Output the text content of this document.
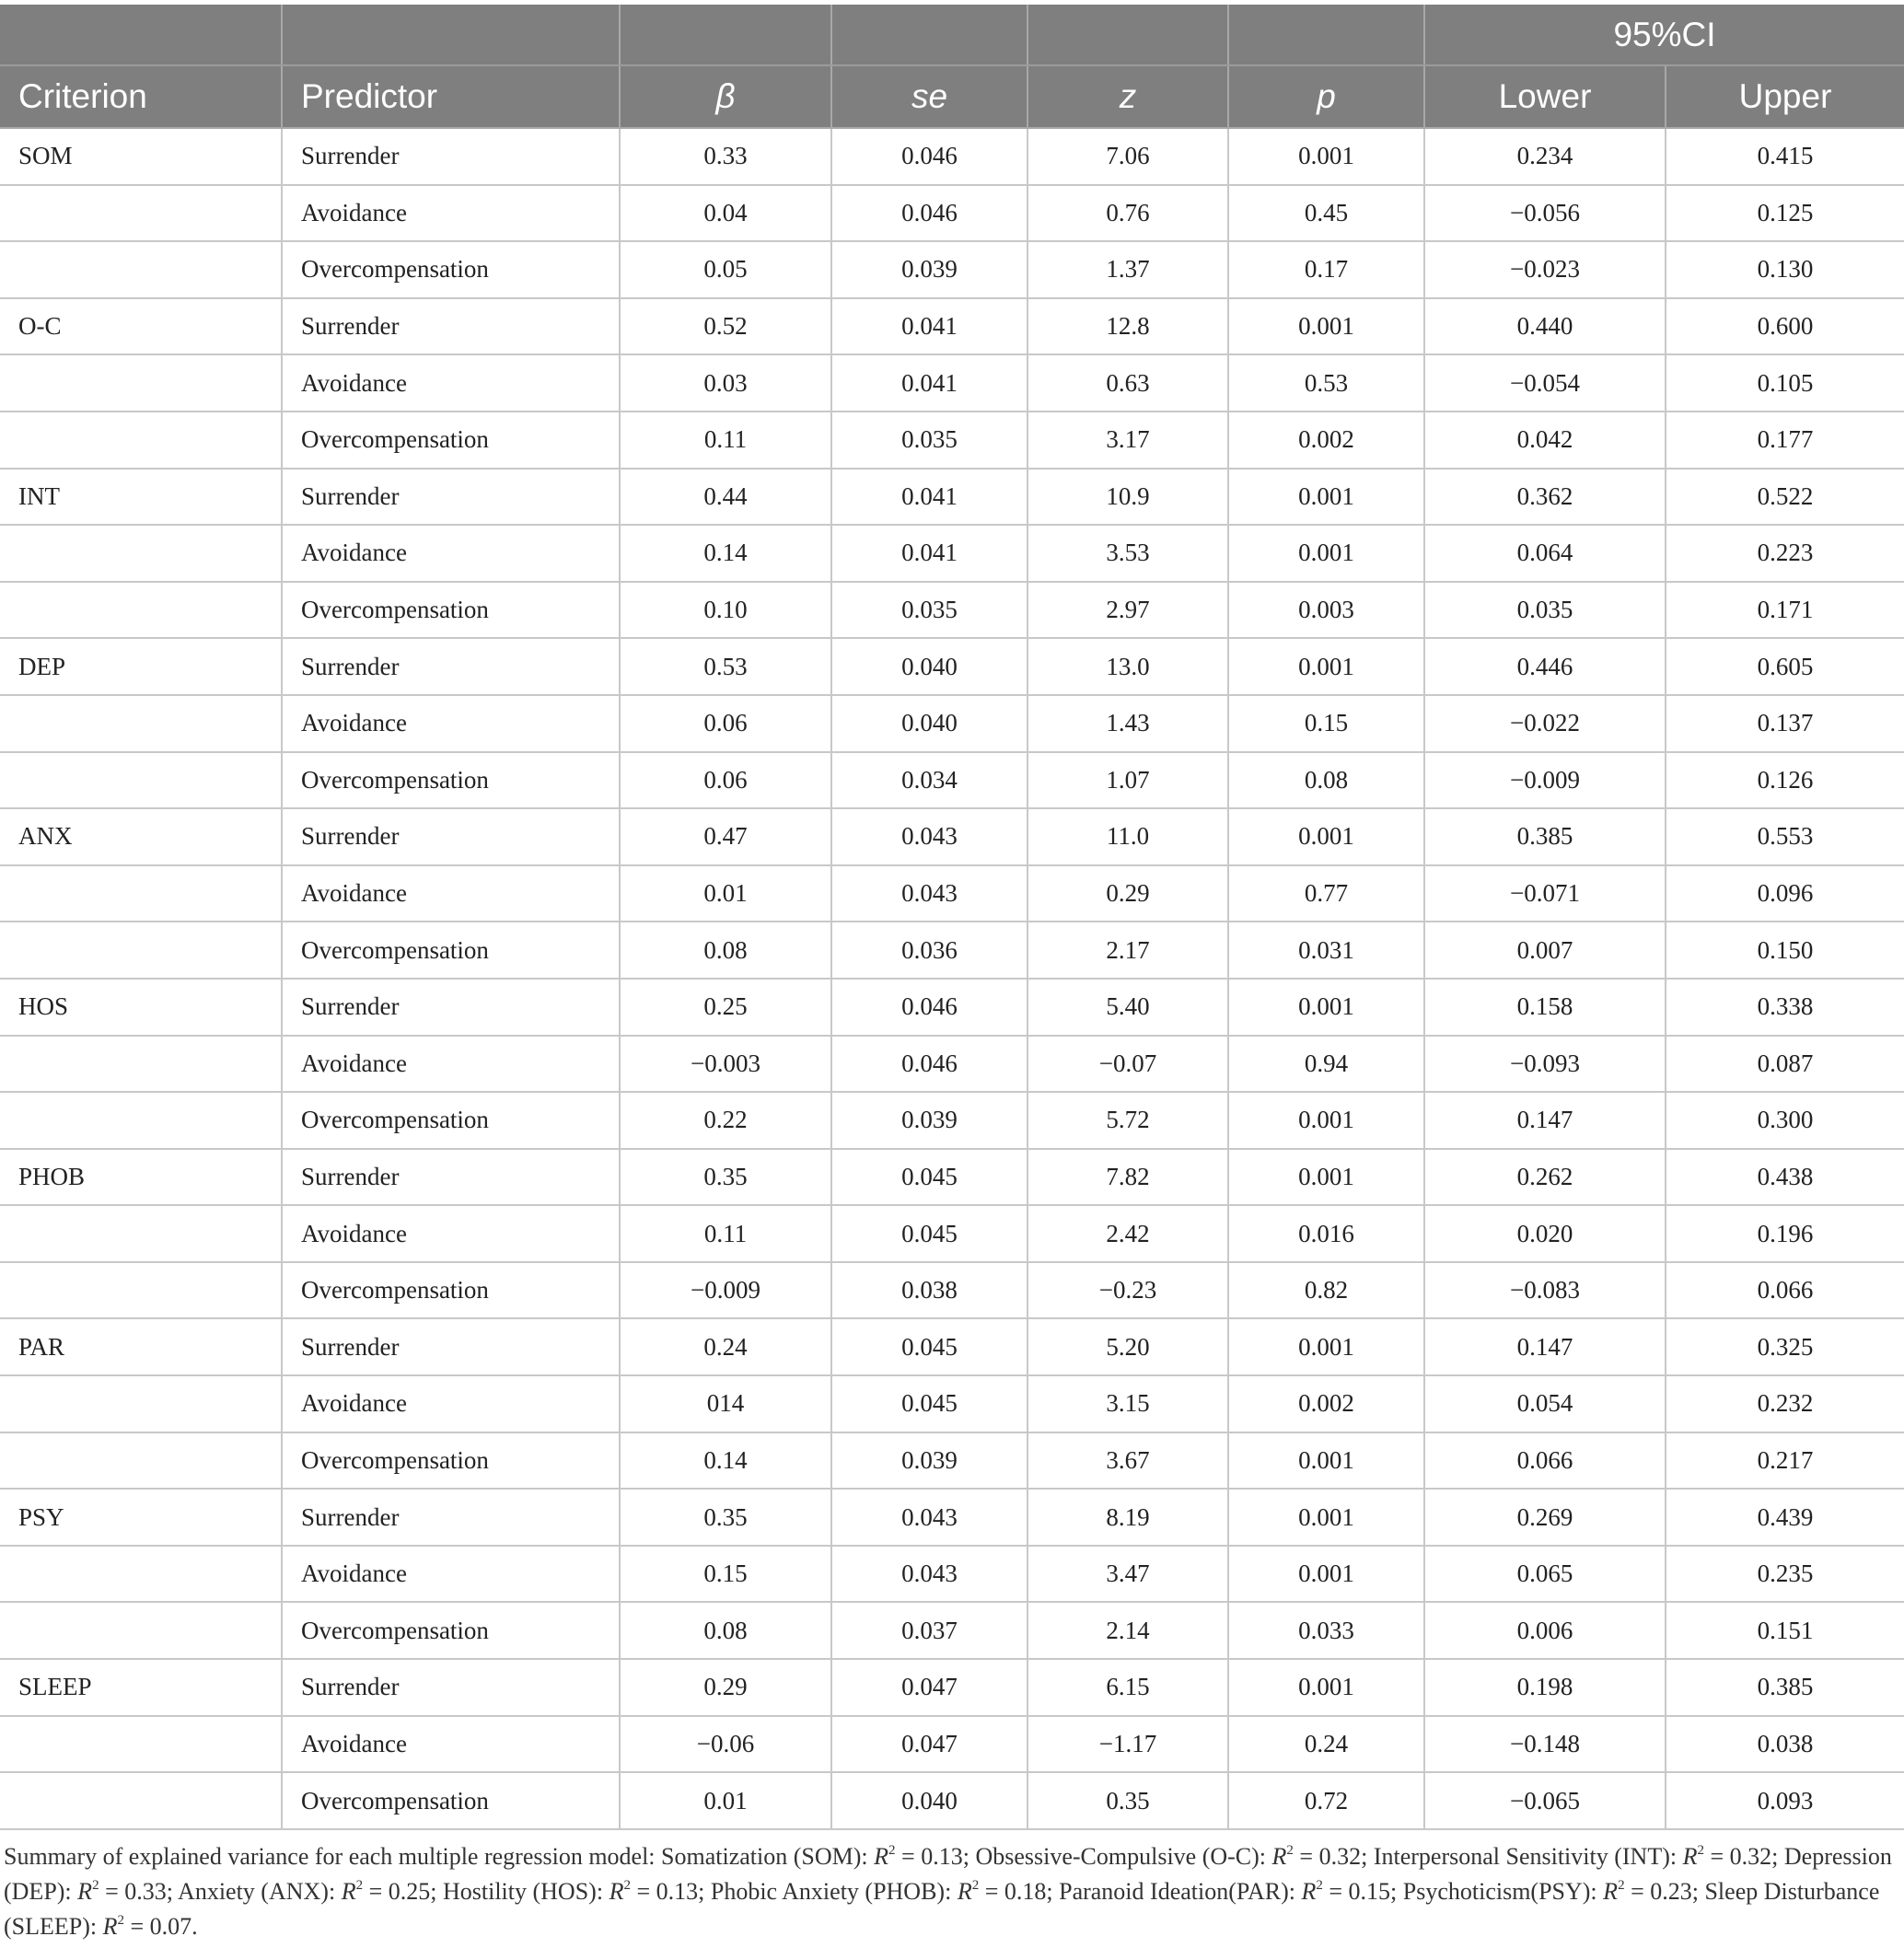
						95%CI	
Criterion	Predictor	β	se	z	p	Lower	Upper
SOM	Surrender	0.33	0.046	7.06	0.001	0.234	0.415
	Avoidance	0.04	0.046	0.76	0.45	−0.056	0.125
	Overcompensation	0.05	0.039	1.37	0.17	−0.023	0.130
O-C	Surrender	0.52	0.041	12.8	0.001	0.440	0.600
	Avoidance	0.03	0.041	0.63	0.53	−0.054	0.105
	Overcompensation	0.11	0.035	3.17	0.002	0.042	0.177
INT	Surrender	0.44	0.041	10.9	0.001	0.362	0.522
	Avoidance	0.14	0.041	3.53	0.001	0.064	0.223
	Overcompensation	0.10	0.035	2.97	0.003	0.035	0.171
DEP	Surrender	0.53	0.040	13.0	0.001	0.446	0.605
	Avoidance	0.06	0.040	1.43	0.15	−0.022	0.137
	Overcompensation	0.06	0.034	1.07	0.08	−0.009	0.126
ANX	Surrender	0.47	0.043	11.0	0.001	0.385	0.553
	Avoidance	0.01	0.043	0.29	0.77	−0.071	0.096
	Overcompensation	0.08	0.036	2.17	0.031	0.007	0.150
HOS	Surrender	0.25	0.046	5.40	0.001	0.158	0.338
	Avoidance	−0.003	0.046	−0.07	0.94	−0.093	0.087
	Overcompensation	0.22	0.039	5.72	0.001	0.147	0.300
PHOB	Surrender	0.35	0.045	7.82	0.001	0.262	0.438
	Avoidance	0.11	0.045	2.42	0.016	0.020	0.196
	Overcompensation	−0.009	0.038	−0.23	0.82	−0.083	0.066
PAR	Surrender	0.24	0.045	5.20	0.001	0.147	0.325
	Avoidance	014	0.045	3.15	0.002	0.054	0.232
	Overcompensation	0.14	0.039	3.67	0.001	0.066	0.217
PSY	Surrender	0.35	0.043	8.19	0.001	0.269	0.439
	Avoidance	0.15	0.043	3.47	0.001	0.065	0.235
	Overcompensation	0.08	0.037	2.14	0.033	0.006	0.151
SLEEP	Surrender	0.29	0.047	6.15	0.001	0.198	0.385
	Avoidance	−0.06	0.047	−1.17	0.24	−0.148	0.038
	Overcompensation	0.01	0.040	0.35	0.72	−0.065	0.093
Summary of explained variance for each multiple regression model: Somatization (SOM): $R^2 = 0.13$; Obsessive-Compulsive (O-C): $R^2 = 0.32$; Interpersonal Sensitivity (INT): $R^2 = 0.32$; Depression (DEP): $R^2 = 0.33$; Anxiety (ANX): $R^2 = 0.25$; Hostility (HOS): $R^2 = 0.13$; Phobic Anxiety (PHOB): $R^2 = 0.18$; Paranoid Ideation(PAR): $R^2 = 0.15$; Psychoticism(PSY): $R^2 = 0.23$; Sleep Disturbance (SLEEP): $R^2 = 0.07$.
